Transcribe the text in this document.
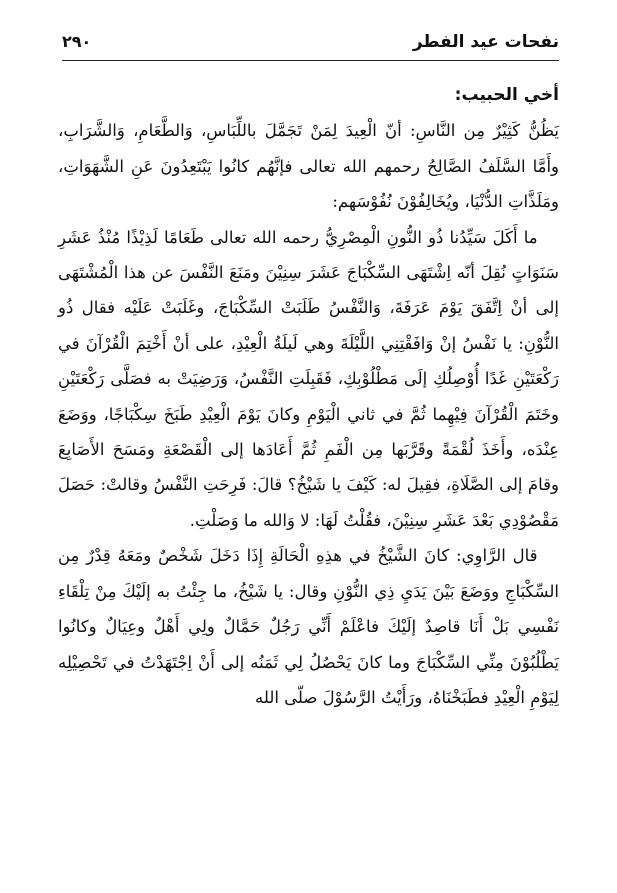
نفحات عيد الفطر
٢٩٠

أخي الحبيب:

يَظُنُّ كَثِيْرٌ مِن النَّاسِ: أنّ الْعِيدَ لِمَنْ تَجَمَّلَ باللِّبَاسِ، وَالطَّعَامِ، وَالشَّرَابِ، وأَمَّا السَّلَفُ الصَّالِحُ رحمهم الله تعالى فإنَّهُم كانُوا يَبْتَعِدُونَ عَنِ الشَّهَوَاتِ، ومَلَذَّاتِ الدُّنْيَا، ويُخَالِفُوْنَ نُفُوْسَهم:

ما أَكَلَ سَيِّدُنا ذُو النُّونِ الْمِصْرِيُّ رحمه الله تعالى طَعَامًا لَذِيْذًا مُنْذُ عَشَرِ سَنَوَاتٍ نُقِلَ أنّه اِشْتَهَى السِّكْبَاجَ عَشَرَ سِنِيْنَ ومَنَعَ النَّفْسَ عن هذا الْمُشْتَهَى إلى أنْ اِتَّفَقَ يَوْمَ عَرَفَةَ، وَالنَّفْسُ طَلَبَتْ السِّكْبَاجَ، وغَلَبَتْ عَلَيْه فقال ذُو النُّوْنِ: يا نَفْسُ إنْ وَافَقْتِنِي اللَّيْلَةَ وهي لَيلَةُ الْعِيْدِ، على أنْ أَخْتِمَ الْقُرْآنَ في رَكْعَتَيْنِ غَدًا أُوْصِلُكِ إلَى مَطْلُوْبِكِ، فَقَبِلَتِ النَّفْسُ، وَرَضِيَتْ به فصَلَّى رَكْعَتَيْنِ وخَتَمَ الْقُرْآنَ فِيْهِما ثُمَّ في ثاني الْيَوْمِ وكانَ يَوْمَ الْعِيْدِ طَبَخَ سِكْبَاجًا، ووَضَعَ عِنْدَه، وأَخَذَ لُقْمَةً وقَرَّبَها مِن الْفَمِ ثُمَّ أَعَادَها إلى الْقَصْعَةِ ومَسَحَ الأَصَابِعَ وقامَ إلى الصَّلَاةِ، فقِيلَ له: كَيْفَ يا شَيْخُ؟ قالَ: فَرِحَتِ النَّفْسُ وقالتْ: حَصَلَ مَقْصُوْدِي بَعْدَ عَشَرِ سِنِيْنَ، فقُلْتُ لَهَا: لا وَالله ما وَصَلْتِ.

قال الرَّاوِي: كانَ الشَّيْخُ في هذِهِ الْحَالَةِ إِذَا دَخَلَ شَخْصٌ ومَعَهُ قِدْرٌ مِن السِّكْبَاجِ ووَضَعَ بَيْنَ يَدَيِ ذِي النُّوْنِ وقال: يا شَيْخُ، ما جِئْتُ به إلَيْكَ مِنْ تِلْقَاءِ نَفْسِي بَلْ أَنَا قاصِدٌ إلَيْكَ فاعْلَمْ أَنِّي رَجُلٌ حَمَّالٌ ولِي أَهْلٌ وعِيَالٌ وكانُوا يَطْلُبُوْنَ مِنِّي السِّكْبَاجَ وما كانَ يَحْصُلُ لِي ثَمَنُه إلى أَنْ اِجْتَهَدْتُ في تَحْصِيْلِه لِيَوْمِ الْعِيْدِ فطَبَخْنَاهُ، ورَأَيْتُ الرَّسُوْلَ صلّى الله
